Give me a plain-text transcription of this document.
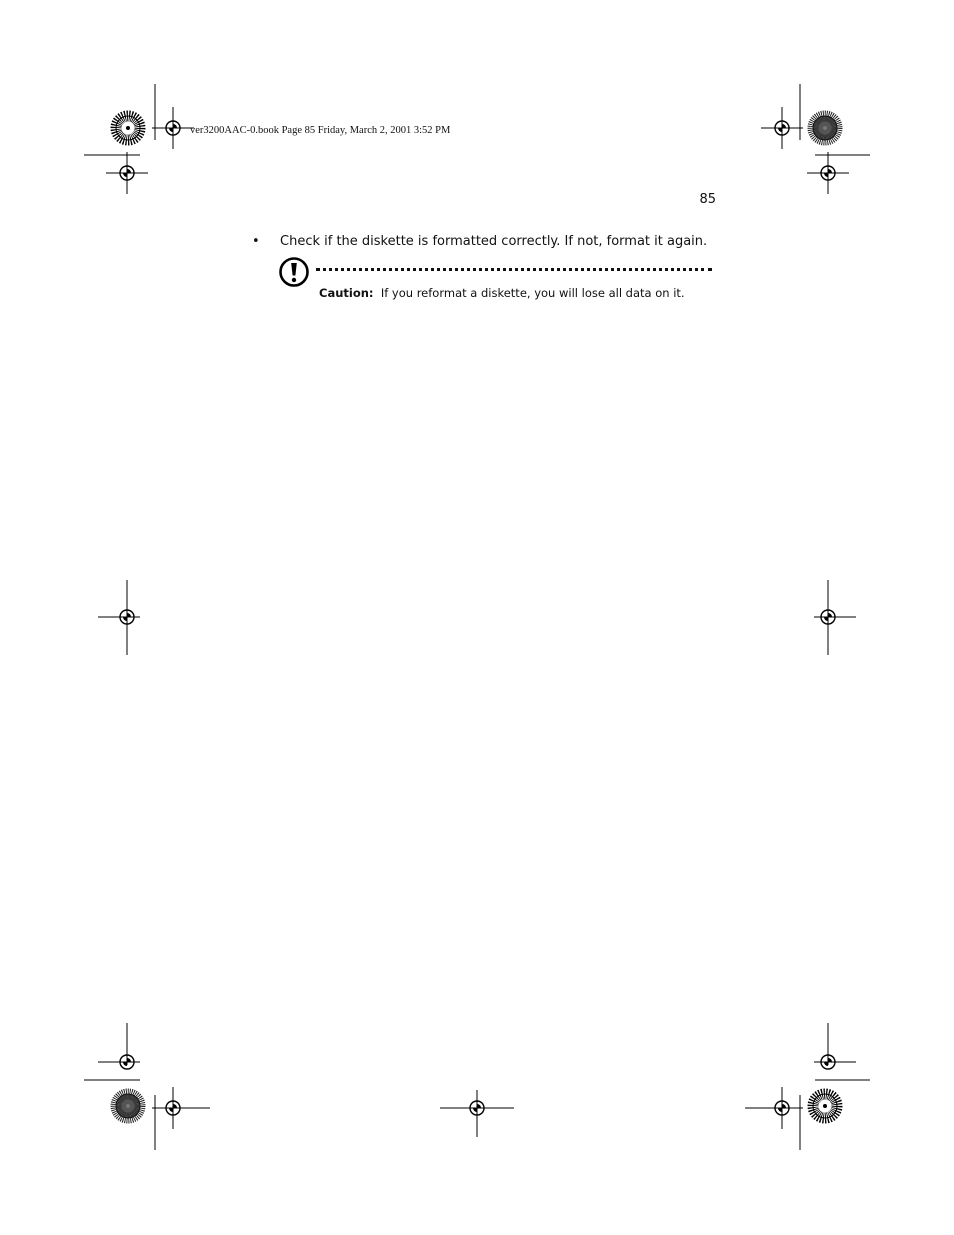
ver3200AAC-0.book Page 85 Friday, March 2, 2001 3:52 PM
85
• Check if the diskette is formatted correctly. If not, format it again.
Caution: If you reformat a diskette, you will lose all data on it.
